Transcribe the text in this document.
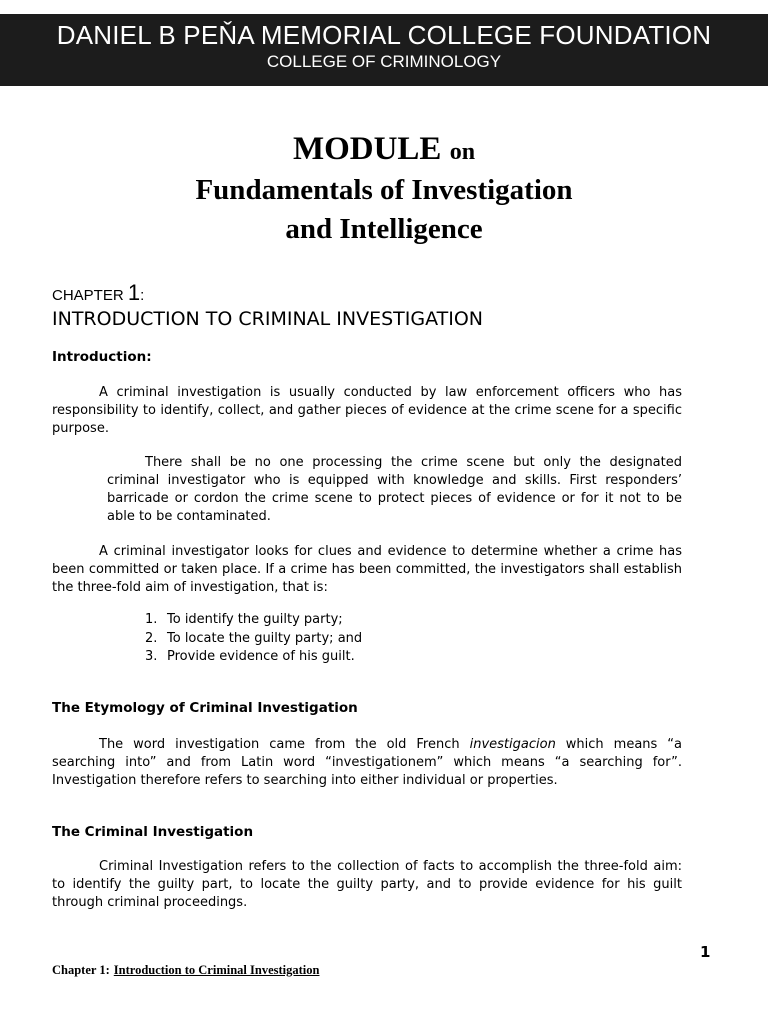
DANIEL B PEŇA MEMORIAL COLLEGE FOUNDATION
COLLEGE OF CRIMINOLOGY
MODULE on
Fundamentals of Investigation
and Intelligence
CHAPTER 1:
INTRODUCTION TO CRIMINAL INVESTIGATION
Introduction:
A criminal investigation is usually conducted by law enforcement officers who has responsibility to identify, collect, and gather pieces of evidence at the crime scene for a specific purpose.
There shall be no one processing the crime scene but only the designated criminal investigator who is equipped with knowledge and skills. First responders’ barricade or cordon the crime scene to protect pieces of evidence or for it not to be able to be contaminated.
A criminal investigator looks for clues and evidence to determine whether a crime has been committed or taken place. If a crime has been committed, the investigators shall establish the three-fold aim of investigation, that is:
1. To identify the guilty party;
2. To locate the guilty party; and
3. Provide evidence of his guilt.
The Etymology of Criminal Investigation
The word investigation came from the old French investigacion which means “a searching into” and from Latin word “investigationem” which means “a searching for”. Investigation therefore refers to searching into either individual or properties.
The Criminal Investigation
Criminal Investigation refers to the collection of facts to accomplish the three-fold aim: to identify the guilty part, to locate the guilty party, and to provide evidence for his guilt through criminal proceedings.
1
Chapter 1: Introduction to Criminal Investigation
